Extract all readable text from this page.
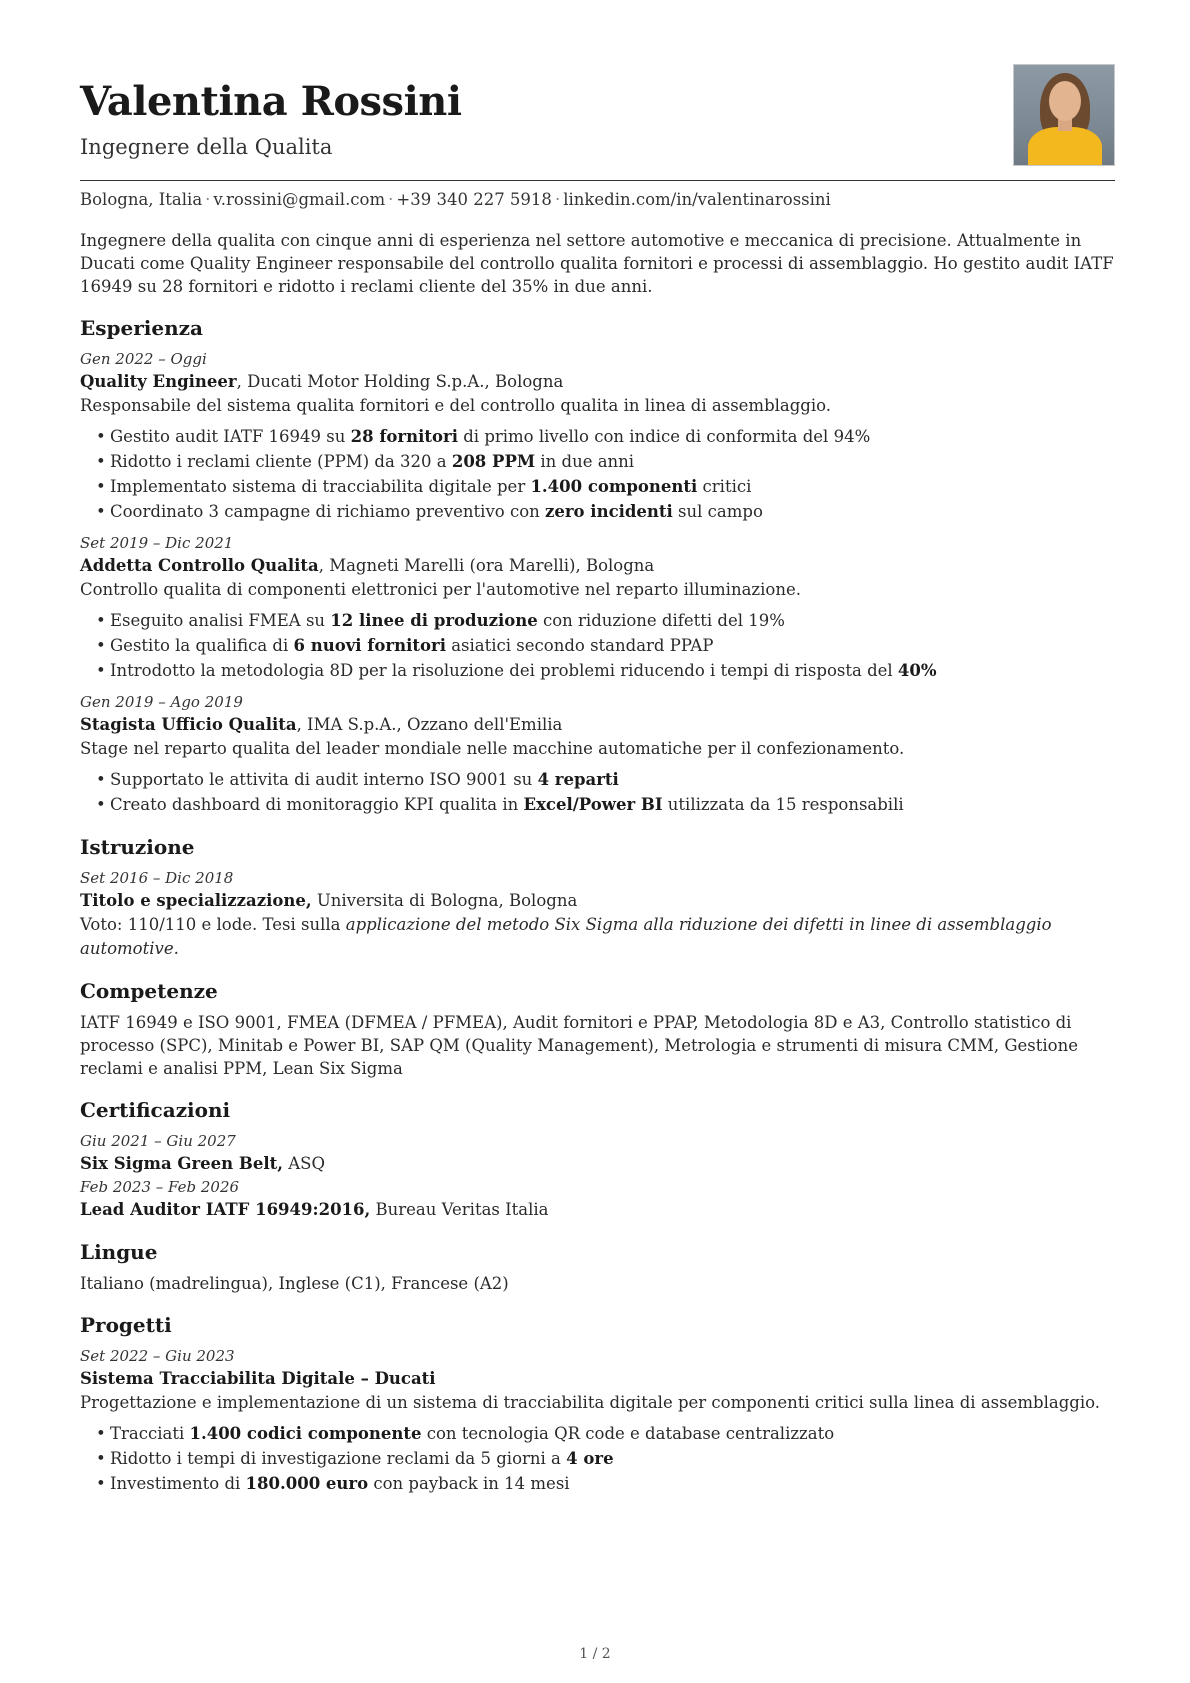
Valentina Rossini
Ingegnere della Qualita
Bologna, Italia · v.rossini@gmail.com · +39 340 227 5918 · linkedin.com/in/valentinarossini

Ingegnere della qualita con cinque anni di esperienza nel settore automotive e meccanica di precisione. Attualmente in Ducati come Quality Engineer responsabile del controllo qualita fornitori e processi di assemblaggio. Ho gestito audit IATF 16949 su 28 fornitori e ridotto i reclami cliente del 35% in due anni.

Esperienza
Gen 2022 – Oggi
Quality Engineer, Ducati Motor Holding S.p.A., Bologna
Responsabile del sistema qualita fornitori e del controllo qualita in linea di assemblaggio.
• Gestito audit IATF 16949 su 28 fornitori di primo livello con indice di conformita del 94%
• Ridotto i reclami cliente (PPM) da 320 a 208 PPM in due anni
• Implementato sistema di tracciabilita digitale per 1.400 componenti critici
• Coordinato 3 campagne di richiamo preventivo con zero incidenti sul campo
Set 2019 – Dic 2021
Addetta Controllo Qualita, Magneti Marelli (ora Marelli), Bologna
Controllo qualita di componenti elettronici per l'automotive nel reparto illuminazione.
• Eseguito analisi FMEA su 12 linee di produzione con riduzione difetti del 19%
• Gestito la qualifica di 6 nuovi fornitori asiatici secondo standard PPAP
• Introdotto la metodologia 8D per la risoluzione dei problemi riducendo i tempi di risposta del 40%
Gen 2019 – Ago 2019
Stagista Ufficio Qualita, IMA S.p.A., Ozzano dell'Emilia
Stage nel reparto qualita del leader mondiale nelle macchine automatiche per il confezionamento.
• Supportato le attivita di audit interno ISO 9001 su 4 reparti
• Creato dashboard di monitoraggio KPI qualita in Excel/Power BI utilizzata da 15 responsabili
Istruzione
Set 2016 – Dic 2018
Titolo e specializzazione, Universita di Bologna, Bologna
Voto: 110/110 e lode. Tesi sulla applicazione del metodo Six Sigma alla riduzione dei difetti in linee di assemblaggio automotive.
Competenze

IATF 16949 e ISO 9001, FMEA (DFMEA / PFMEA), Audit fornitori e PPAP, Metodologia 8D e A3, Controllo statistico di processo (SPC), Minitab e Power BI, SAP QM (Quality Management), Metrologia e strumenti di misura CMM, Gestione reclami e analisi PPM, Lean Six Sigma

Certificazioni
Giu 2021 – Giu 2027
Six Sigma Green Belt, ASQ
Feb 2023 – Feb 2026
Lead Auditor IATF 16949:2016, Bureau Veritas Italia
Lingue

Italiano (madrelingua), Inglese (C1), Francese (A2)

Progetti
Set 2022 – Giu 2023
Sistema Tracciabilita Digitale – Ducati
Progettazione e implementazione di un sistema di tracciabilita digitale per componenti critici sulla linea di assemblaggio.
• Tracciati 1.400 codici componente con tecnologia QR code e database centralizzato
• Ridotto i tempi di investigazione reclami da 5 giorni a 4 ore
• Investimento di 180.000 euro con payback in 14 mesi
1 / 2
